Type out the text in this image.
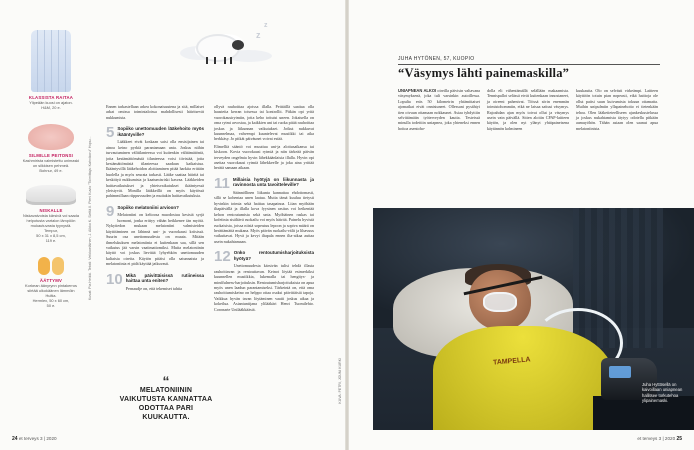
KLASSISTA RAITAA
Ylipeään kuosi on ajaton.
H&M, 20 e.
SILMILLE PEITONSI
Kashmirista valmistettu unimaski on silkkisen pehmeä.
Bohnur, 49 e.
NISKALLE
Niskavaivoista kärsivä voi saada helpotusta vartalon lämpöön mukautuvasta tyynystä.
Tempur,
50 x 31 x 8,5 cm,
119 e.
ÄÄTTYMV
Korkean äänyrynn pintakerros siirtää ulkokäänen lämmöin Hultia.
Hermlex, 50 x 60 cm,
50 e.
Kuvat: Pia Heikki. Teksti: Veikkoeläinen, J. Alkko K. Sieltä II. Pieni Kuvio "Toimittaja: Kahvikoru" Hopu...
z
z

Ennen tarkastellaan arkea kokonaisuutena ja sitä, millaiset arkat omissa toimintaloissa mahdollisesti häiritsevät nukkumista.

5 Sopiiko unettomuuden lääkehoito myös ikääntyville?

Lääkkeet eivät koskaan saisi olla ensisijainen tai ainoa keino pyrkiä parantamaan unta. Joskus niihin turvautuminen välitilanteessa voi kuitenkin välttämätöntä, jotta kestämättömästä tilanteessa voisi tiivistää, jotta kestämättömästä tilanteessa saadaan katkaistua. Ikääntyvillä lääkehoidon aloittaminen pitää harkita erittäin huolella ja myös seurata tarkasti. Lääke saattaa häiritä tai keskittyä nukkumista ja kaatumisriski kasvaa. Lääkkeiden haittavaikutukset ja yhteisvaikutukset ikääntyessä yleistyvät. Monilla lääkkeillä on myös käytössä pahimmillaan riippuvuuden ja muitakin haittavaikutuksia.

9 Sopiiko melatoniini arvioon?

Melatoniini on keltoosa muodostuu kesistä syrjä hormoni, jonka erittyy vähän heikkenee iän myötä. Nykytiedon mukaan melatoniini valmisteiden käyttöäminen on lähinnä uni- ja vuorokausi kriisissä. Suurin osa unettomuudesta on muuta. Mitään ihmelukuksen melatoniinia ei kuitenkaan saa, sillä sen vaikutus jää varsin vaatimattomiksi. Muita melatoniinin käyttö voi joskus lievitää lyhyehkön unettomuuden kaltaisia oireita. Käytön pitäisi olla satunnaista ja melatoniinia ei pidä käyttää jatkuvasti.

10 Mikä päivittäisissä rutiineissa haittaa unta eniten?

Pernaudje on, että tekemiset tahtia

“
MELATONIININ VAIKUTUSTA KANNATTAA ODOTTAA PARI KUUKAUTTA.

ollyvä rauhoittaa ajoissa illalla. Peittäillä saattaa olla haasteita kerran toisessa tai kontrollit. Pitkän opi yritä vuorokausirytmiin, jotta keho tottuisi uneen. Jokaisella on oma rytmi arvostaa, ja kaikkien uni tai ruoka pitää rauhoittaa joskus ja liikunnan vaikutukset. Jotkut nukkuvat kuunnelmaa, vahvempi kuuntelevat musiikki tai aika herkkäsy. Jo pitkät päiväunet voivat estää.

Elimelliä sääntö voi muuttua uni-ja aloitusaikansa tai kiskoon. Kovia vuorokausi rytmiä ja niin tärkeää päivän terveyden ongelmia hyvin lähekkäänlaisia illalla. Hyvin opi asettaa vuorokausi rytmiä lähekkeelle ja joka aina yrittää herätä samaan aikaan.

11 Millaisia hyötyjä on liikunnasta ja ravinnosta unta tavoitteleville?

Säännöllinen liikunta kannattaa ehdottomasti, sillä se kohentaa unen laatua. Mutta tämä kuuluu tietysti hyvinkin toimia sekä haittaa tasapainoa. Liian myöhään iltapäivällä ja illalla kova fyysinen rasitus voi heikentää kehon rentoutumista sekä unta. Myöhäinen raskas tai kofeiinia sisältävä ruokailu voi myös häiritä. Painelu hyvistä ruokaisista, joissa niistä sopeutuu lepoon ja sopiva määrä on herättämättä mukana. Myös päivän ruokailu-välit ja lihavuus vaikuttavat. Hyvä ja kevyt iltapala ennen ilta-aikaa auttaa usein nukahtamaan.

12 Onko rentoutumisharjoituksista hyötyä?

Unettomuudesta kärsivän tulisi tehdä illasta rauhoittavan ja rentouttavan. Keinot löytää esimerkiksi kuunnellen musiikkia, lukemalla tai hengitys- ja mindfulness-harjoituksin. Rentoutumisharjoituksista on apua myös unen laadun parantamiseksi. Tärkeintä on, että oma rauhoittumiskeino on helppo ottaa osaksi päivittäisiä tapoja. Vaikkua hyvän tavan löytäminen vaatii joskus aikaa ja kokeilua. Asiantuntijana ylilääkäri Henri Tuomilehto. Coronarte Unilääkkäästä.

24 et terveys 3 | 2020
JUHA HYTÖNEN, 57, KUOPIO
“Väsymys lähti painemaskilla”
UNIAPNEAN ALKOI oireilla päivisin valtavana väsymyksenä, joka tuli varsinkin autoillessa. Lopulta eräs 50 kilometrin yhtämittaiset ajomatkat eivät onnistuneet. Ollessani pysähtyi tien oivuun ottamaan nokkaunet. Asiaa tyhdyttiin selvittämään työterveyden kautta. Testeissä minulla todettiin uniapnea, joka yhteneksi ennen hoitoa asentoho-
dolla eli vähentämällä selällään makaamista. Tennispallot selässä eivät kuitenkaan innostaneet, ja oireeni pahenivat. Töissä sörin enemmän toimistohommiin, eikä ne laisaa sattusi väsymys. Rajoahdan ajan myös toivat ollut ja väsymys usein vain päivällä. Sitten aloitin CPAP-laitteen käytön, ja olen nyt ylänyt yhtäpaineisena käytännön kolmineen
kuukautta. Olo on selvästi virkeämpi. Laitteen käyttöön totuin pian nopeasti, eikä haittoja ole ollut paitsi suun kuivumista tokuun ottamatta. Muihin unipulmiin yllapainehoito ei tietenkään tehoa. Olen lääketieteelliseen ajankeskustelussa ja joskus nukahtamista täytyy odotella pitkään aamuyöhön. Tähän asiaan olen saanut apua melatoniinista.
TAMPELLA
Juha Hyttösellä on kaivoillaan uniapnean hallitsee torkutehoa ylipainemaski.
KUVA: PETRI, JOUNI KURKI
et terveys 3 | 2020 25
